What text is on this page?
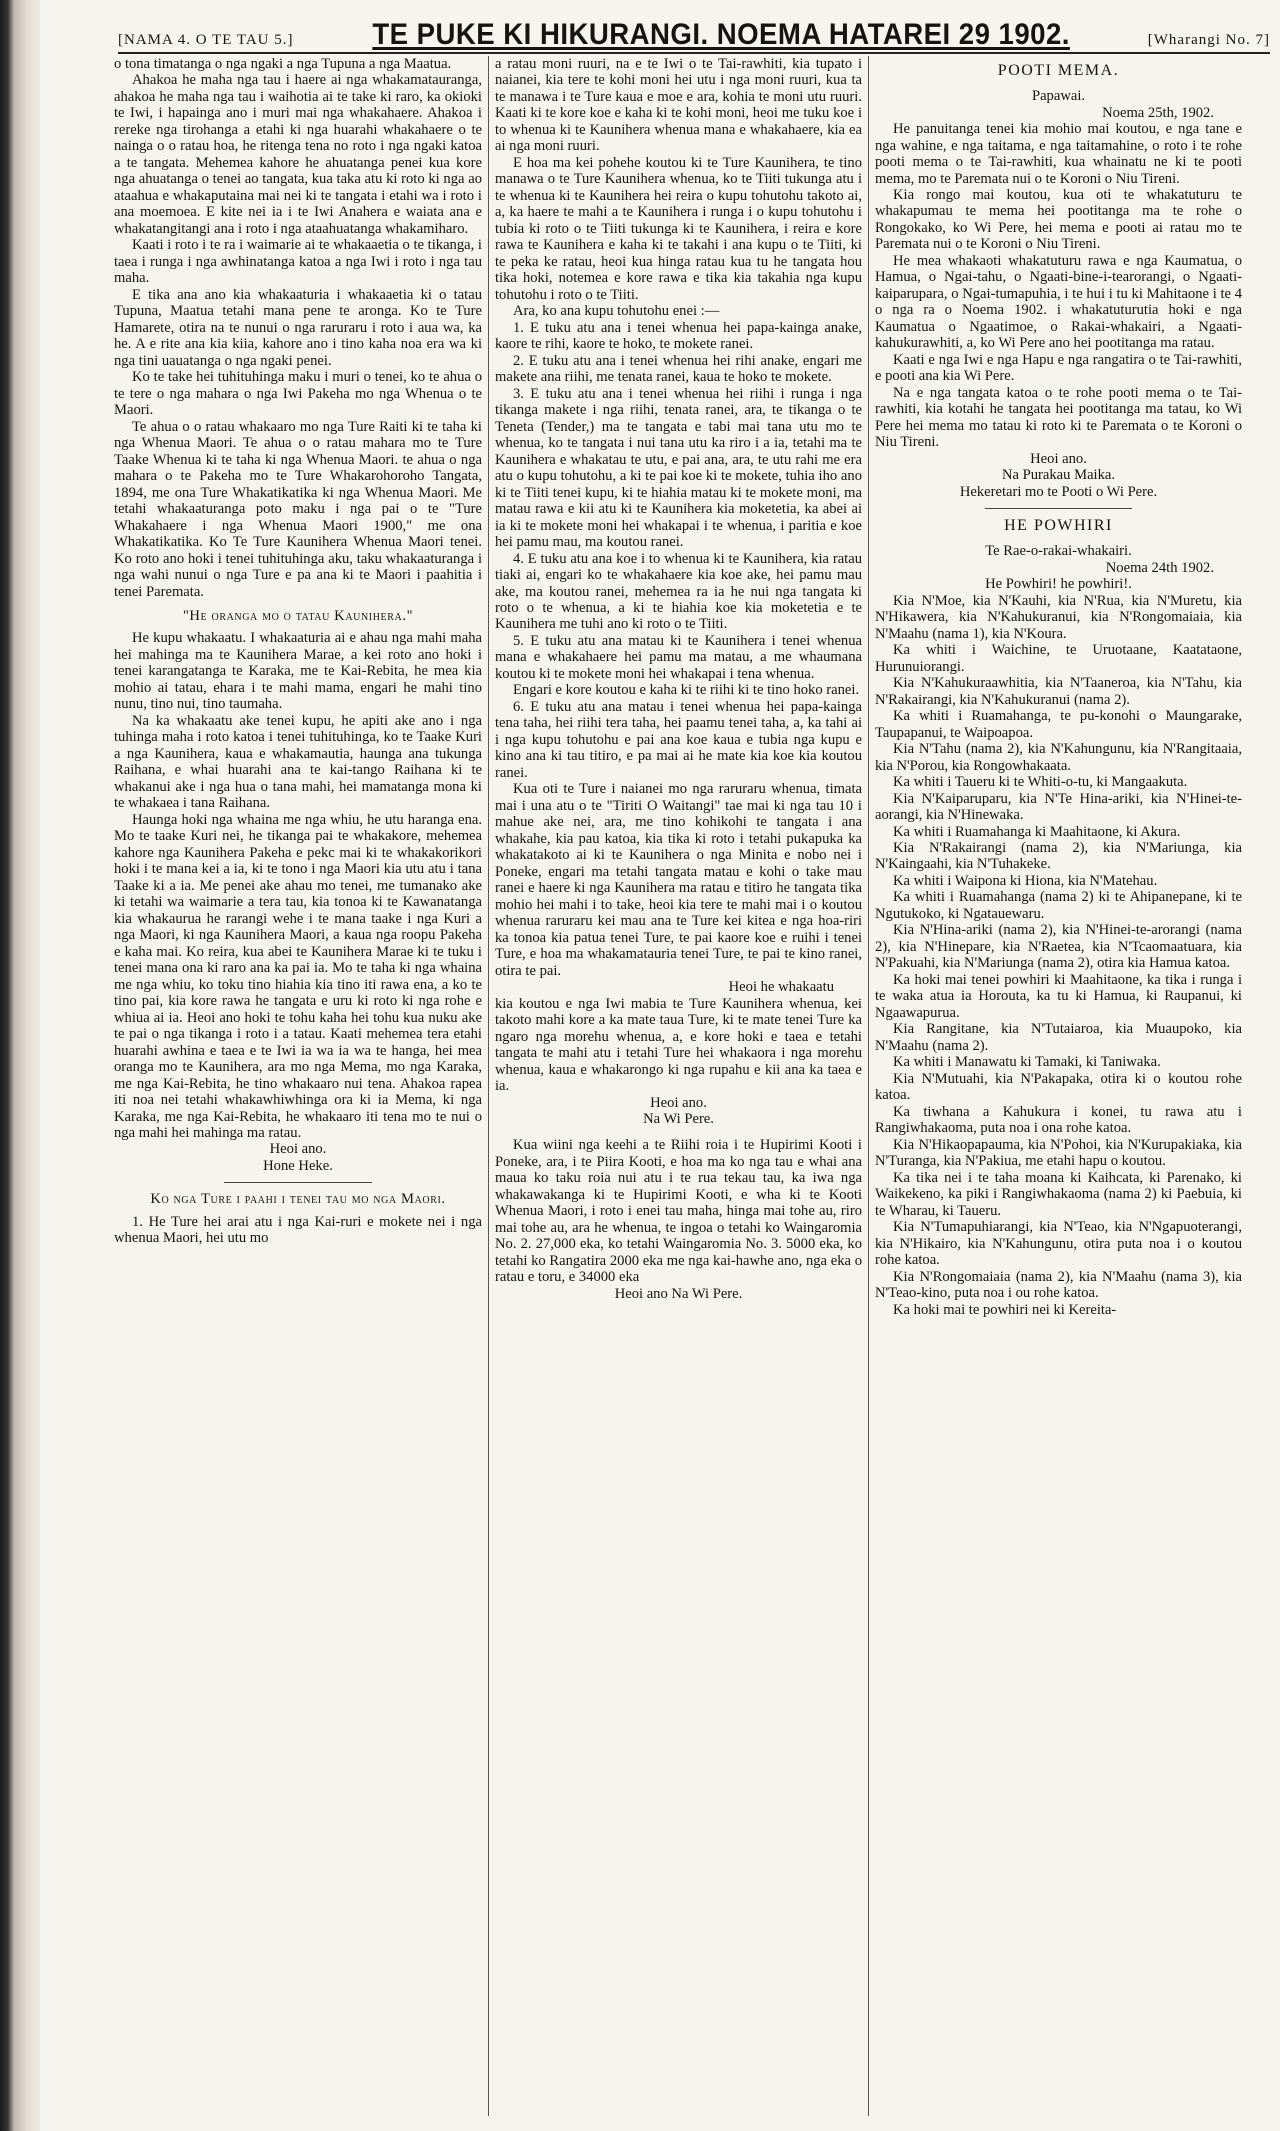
[NAMA 4. O TE TAU 5.]	TE PUKE KI HIKURANGI. NOEMA HATAREI 29 1902.	[Wharangi No. 7]

o tona timatanga o nga ngaki a nga Tupuna a nga Maatua.

Ahakoa he maha nga tau i haere ai nga whakamatauranga, ahakoa he maha nga tau i waihotia ai te take ki raro, ka okioki te Iwi, i hapainga ano i muri mai nga whakahaere. Ahakoa i rereke nga tirohanga a etahi ki nga huarahi whakahaere o te nainga o o ratau hoa, he ritenga tena no roto i nga ngaki katoa a te tangata. Mehemea kahore he ahuatanga penei kua kore nga ahuatanga o tenei ao tangata, kua taka atu ki roto ki nga ao ataahua e whakaputaina mai nei ki te tangata i etahi wa i roto i ana moemoea. E kite nei ia i te Iwi Anahera e waiata ana e whakatangitangi ana i roto i nga ataahuatanga whakamiharo.

Kaati i roto i te ra i waimarie ai te whakaaetia o te tikanga, i taea i runga i nga awhinatanga katoa a nga Iwi i roto i nga tau maha.

E tika ana ano kia whakaaturia i whakaaetia ki o tatau Tupuna, Maatua tetahi mana pene te aronga. Ko te Ture Hamarete, otira na te nunui o nga raruraru i roto i aua wa, ka he. A e rite ana kia kiia, kahore ano i tino kaha noa era wa ki nga tini uauatanga o nga ngaki penei.

Ko te take hei tuhituhinga maku i muri o tenei, ko te ahua o te tere o nga mahara o nga Iwi Pakeha mo nga Whenua o te Maori.

Te ahua o o ratau whakaaro mo nga Ture Raiti ki te taha ki nga Whenua Maori. Te ahua o o ratau mahara mo te Ture Taake Whenua ki te taha ki nga Whenua Maori. te ahua o nga mahara o te Pakeha mo te Ture Whakarohoroho Tangata, 1894, me ona Ture Whakatikatika ki nga Whenua Maori. Me tetahi whakaaturanga poto maku i nga pai o te "Ture Whakahaere i nga Whenua Maori 1900," me ona Whakatikatika. Ko Te Ture Kaunihera Whenua Maori tenei. Ko roto ano hoki i tenei tuhituhinga aku, taku whakaaturanga i nga wahi nunui o nga Ture e pa ana ki te Maori i paahitia i tenei Paremata.

"He oranga mo o tatau Kaunihera."

He kupu whakaatu. I whakaaturia ai e ahau nga mahi maha hei mahinga ma te Kaunihera Marae, a kei roto ano hoki i tenei karangatanga te Karaka, me te Kai-Rebita, he mea kia mohio ai tatau, ehara i te mahi mama, engari he mahi tino nunu, tino nui, tino taumaha.

Na ka whakaatu ake tenei kupu, he apiti ake ano i nga tuhinga maha i roto katoa i tenei tuhituhinga, ko te Taake Kuri a nga Kaunihera, kaua e whakamautia, haunga ana tukunga Raihana, e whai huarahi ana te kai-tango Raihana ki te whakanui ake i nga hua o tana mahi, hei mamatanga mona ki te whakaea i tana Raihana.

Haunga hoki nga whaina me nga whiu, he utu haranga ena. Mo te taake Kuri nei, he tikanga pai te whakakore, mehemea kahore nga Kaunihera Pakeha e pekc mai ki te whakakorikori hoki i te mana kei a ia, ki te tono i nga Maori kia utu atu i tana Taake ki a ia. Me penei ake ahau mo tenei, me tumanako ake ki tetahi wa waimarie a tera tau, kia tonoa ki te Kawanatanga kia whakaurua he rarangi wehe i te mana taake i nga Kuri a nga Maori, ki nga Kaunihera Maori, a kaua nga roopu Pakeha e kaha mai. Ko reira, kua abei te Kaunihera Marae ki te tuku i tenei mana ona ki raro ana ka pai ia. Mo te taha ki nga whaina me nga whiu, ko toku tino hiahia kia tino iti rawa ena, a ko te tino pai, kia kore rawa he tangata e uru ki roto ki nga rohe e whiua ai ia. Heoi ano hoki te tohu kaha hei tohu kua nuku ake te pai o nga tikanga i roto i a tatau. Kaati mehemea tera etahi huarahi awhina e taea e te Iwi ia wa ia wa te hanga, hei mea oranga mo te Kaunihera, ara mo nga Mema, mo nga Karaka, me nga Kai-Rebita, he tino whakaaro nui tena. Ahakoa rapea iti noa nei tetahi whakawhiwhinga ora ki ia Mema, ki nga Karaka, me nga Kai-Rebita, he whakaaro iti tena mo te nui o nga mahi hei mahinga ma ratau.

Heoi ano.

Hone Heke.

Ko nga Ture i paahi i tenei tau mo nga Maori.

1. He Ture hei arai atu i nga Kai-ruri e mokete nei i nga whenua Maori, hei utu mo

a ratau moni ruuri, na e te Iwi o te Tai-rawhiti, kia tupato i naianei, kia tere te kohi moni hei utu i nga moni ruuri, kua ta te manawa i te Ture kaua e moe e ara, kohia te moni utu ruuri. Kaati ki te kore koe e kaha ki te kohi moni, heoi me tuku koe i to whenua ki te Kaunihera whenua mana e whakahaere, kia ea ai nga moni ruuri.

E hoa ma kei pohehe koutou ki te Ture Kaunihera, te tino manawa o te Ture Kaunihera whenua, ko te Tiiti tukunga atu i te whenua ki te Kaunihera hei reira o kupu tohutohu takoto ai, a, ka haere te mahi a te Kaunihera i runga i o kupu tohutohu i tubia ki roto o te Tiiti tukunga ki te Kaunihera, i reira e kore rawa te Kaunihera e kaha ki te takahi i ana kupu o te Tiiti, ki te peka ke ratau, heoi kua hinga ratau kua tu he tangata hou tika hoki, notemea e kore rawa e tika kia takahia nga kupu tohutohu i roto o te Tiiti.

Ara, ko ana kupu tohutohu enei :—

1. E tuku atu ana i tenei whenua hei papa-kainga anake, kaore te rihi, kaore te hoko, te mokete ranei.

2. E tuku atu ana i tenei whenua hei rihi anake, engari me makete ana riihi, me tenata ranei, kaua te hoko te mokete.

3. E tuku atu ana i tenei whenua hei riihi i runga i nga tikanga makete i nga riihi, tenata ranei, ara, te tikanga o te Teneta (Tender,) ma te tangata e tabi mai tana utu mo te whenua, ko te tangata i nui tana utu ka riro i a ia, tetahi ma te Kaunihera e whakatau te utu, e pai ana, ara, te utu rahi me era atu o kupu tohutohu, a ki te pai koe ki te mokete, tuhia iho ano ki te Tiiti tenei kupu, ki te hiahia matau ki te mokete moni, ma matau rawa e kii atu ki te Kaunihera kia moketetia, ka abei ai ia ki te mokete moni hei whakapai i te whenua, i paritia e koe hei pamu mau, ma koutou ranei.

4. E tuku atu ana koe i to whenua ki te Kaunihera, kia ratau tiaki ai, engari ko te whakahaere kia koe ake, hei pamu mau ake, ma koutou ranei, mehemea ra ia he nui nga tangata ki roto o te whenua, a ki te hiahia koe kia moketetia e te Kaunihera me tuhi ano ki roto o te Tiiti.

5. E tuku atu ana matau ki te Kaunihera i tenei whenua mana e whakahaere hei pamu ma matau, a me whaumana koutou ki te mokete moni hei whakapai i tena whenua.

Engari e kore koutou e kaha ki te riihi ki te tino hoko ranei.

6. E tuku atu ana matau i tenei whenua hei papa-kainga tena taha, hei riihi tera taha, hei paamu tenei taha, a, ka tahi ai i nga kupu tohutohu e pai ana koe kaua e tubia nga kupu e kino ana ki tau titiro, e pa mai ai he mate kia koe kia koutou ranei.

Kua oti te Ture i naianei mo nga raruraru whenua, timata mai i una atu o te "Tiriti O Waitangi" tae mai ki nga tau 10 i mahue ake nei, ara, me tino kohikohi te tangata i ana whakahe, kia pau katoa, kia tika ki roto i tetahi pukapuka ka whakatakoto ai ki te Kaunihera o nga Minita e nobo nei i Poneke, engari ma tetahi tangata matau e kohi o take mau ranei e haere ki nga Kaunihera ma ratau e titiro he tangata tika mohio hei mahi i to take, heoi kia tere te mahi mai i o koutou whenua raruraru kei mau ana te Ture kei kitea e nga hoa-riri ka tonoa kia patua tenei Ture, te pai kaore koe e ruihi i tenei Ture, e hoa ma whakamatauria tenei Ture, te pai te kino ranei, otira te pai.

Heoi he whakaatu

kia koutou e nga Iwi mabia te Ture Kaunihera whenua, kei takoto mahi kore a ka mate taua Ture, ki te mate tenei Ture ka ngaro nga morehu whenua, a, e kore hoki e taea e tetahi tangata te mahi atu i tetahi Ture hei whakaora i nga morehu whenua, kaua e whakarongo ki nga rupahu e kii ana ka taea e ia.

Heoi ano.

Na Wi Pere.

Kua wiini nga keehi a te Riihi roia i te Hupirimi Kooti i Poneke, ara, i te Piira Kooti, e hoa ma ko nga tau e whai ana maua ko taku roia nui atu i te rua tekau tau, ka iwa nga whakawakanga ki te Hupirimi Kooti, e wha ki te Kooti Whenua Maori, i roto i enei tau maha, hinga mai tohe au, riro mai tohe au, ara he whenua, te ingoa o tetahi ko Waingaromia No. 2. 27,000 eka, ko tetahi Waingaromia No. 3. 5000 eka, ko tetahi ko Rangatira 2000 eka me nga kai-hawhe ano, nga eka o ratau e toru, e 34000 eka

Heoi ano Na Wi Pere.

POOTI MEMA.

Papawai.

Noema 25th, 1902.

He panuitanga tenei kia mohio mai koutou, e nga tane e nga wahine, e nga taitama, e nga taitamahine, o roto i te rohe pooti mema o te Tai-rawhiti, kua whainatu ne ki te pooti mema, mo te Paremata nui o te Koroni o Niu Tireni.

Kia rongo mai koutou, kua oti te whakatuturu te whakapumau te mema hei pootitanga ma te rohe o Rongokako, ko Wi Pere, hei mema e pooti ai ratau mo te Paremata nui o te Koroni o Niu Tireni.

He mea whakaoti whakatuturu rawa e nga Kaumatua, o Hamua, o Ngai-tahu, o Ngaati-bine-i-tearorangi, o Ngaati-kaiparupara, o Ngai-tumapuhia, i te hui i tu ki Mahitaone i te 4 o nga ra o Noema 1902. i whakatuturutia hoki e nga Kaumatua o Ngaatimoe, o Rakai-whakairi, a Ngaati-kahukurawhiti, a, ko Wi Pere ano hei pootitanga ma ratau.

Kaati e nga Iwi e nga Hapu e nga rangatira o te Tai-rawhiti, e pooti ana kia Wi Pere.

Na e nga tangata katoa o te rohe pooti mema o te Tai-rawhiti, kia kotahi he tangata hei pootitanga ma tatau, ko Wi Pere hei mema mo tatau ki roto ki te Paremata o te Koroni o Niu Tireni.

Heoi ano.

Na Purakau Maika.

Hekeretari mo te Pooti o Wi Pere.

HE POWHIRI

Te Rae-o-rakai-whakairi.

Noema 24th 1902.

He Powhiri! he powhiri!.

Kia N'Moe, kia N'Kauhi, kia N'Rua, kia N'Muretu, kia N'Hikawera, kia N'Kahukuranui, kia N'Rongomaiaia, kia N'Maahu (nama 1), kia N'Koura.

Ka whiti i Waichine, te Uruotaane, Kaatataone, Hurunuiorangi.

Kia N'Kahukuraawhitia, kia N'Taaneroa, kia N'Tahu, kia N'Rakairangi, kia N'Kahukuranui (nama 2).

Ka whiti i Ruamahanga, te pu-konohi o Maungarake, Taupapanui, te Waipoapoa.

Kia N'Tahu (nama 2), kia N'Kahungunu, kia N'Rangitaaia, kia N'Porou, kia Rongowhakaata.

Ka whiti i Taueru ki te Whiti-o-tu, ki Mangaakuta.

Kia N'Kaiparuparu, kia N'Te Hina-ariki, kia N'Hinei-te-aorangi, kia N'Hinewaka.

Ka whiti i Ruamahanga ki Maahitaone, ki Akura.

Kia N'Rakairangi (nama 2), kia N'Mariunga, kia N'Kaingaahi, kia N'Tuhakeke.

Ka whiti i Waipona ki Hiona, kia N'Matehau.

Ka whiti i Ruamahanga (nama 2) ki te Ahipanepane, ki te Ngutukoko, ki Ngatauewaru.

Kia N'Hina-ariki (nama 2), kia N'Hinei-te-arorangi (nama 2), kia N'Hinepare, kia N'Raetea, kia N'Tcaomaatuara, kia N'Pakuahi, kia N'Mariunga (nama 2), otira kia Hamua katoa.

Ka hoki mai tenei powhiri ki Maahitaone, ka tika i runga i te waka atua ia Horouta, ka tu ki Hamua, ki Raupanui, ki Ngaawapurua.

Kia Rangitane, kia N'Tutaiaroa, kia Muaupoko, kia N'Maahu (nama 2).

Ka whiti i Manawatu ki Tamaki, ki Taniwaka.

Kia N'Mutuahi, kia N'Pakapaka, otira ki o koutou rohe katoa.

Ka tiwhana a Kahukura i konei, tu rawa atu i Rangiwhakaoma, puta noa i ona rohe katoa.

Kia N'Hikaopapauma, kia N'Pohoi, kia N'Kurupakiaka, kia N'Turanga, kia N'Pakiua, me etahi hapu o koutou.

Ka tika nei i te taha moana ki Kaihcata, ki Parenako, ki Waikekeno, ka piki i Rangiwhakaoma (nama 2) ki Paebuia, ki te Wharau, ki Taueru.

Kia N'Tumapuhiarangi, kia N'Teao, kia N'Ngapuoterangi, kia N'Hikairo, kia N'Kahungunu, otira puta noa i o koutou rohe katoa.

Kia N'Rongomaiaia (nama 2), kia N'Maahu (nama 3), kia N'Teao-kino, puta noa i ou rohe katoa.

Ka hoki mai te powhiri nei ki Kereita-
